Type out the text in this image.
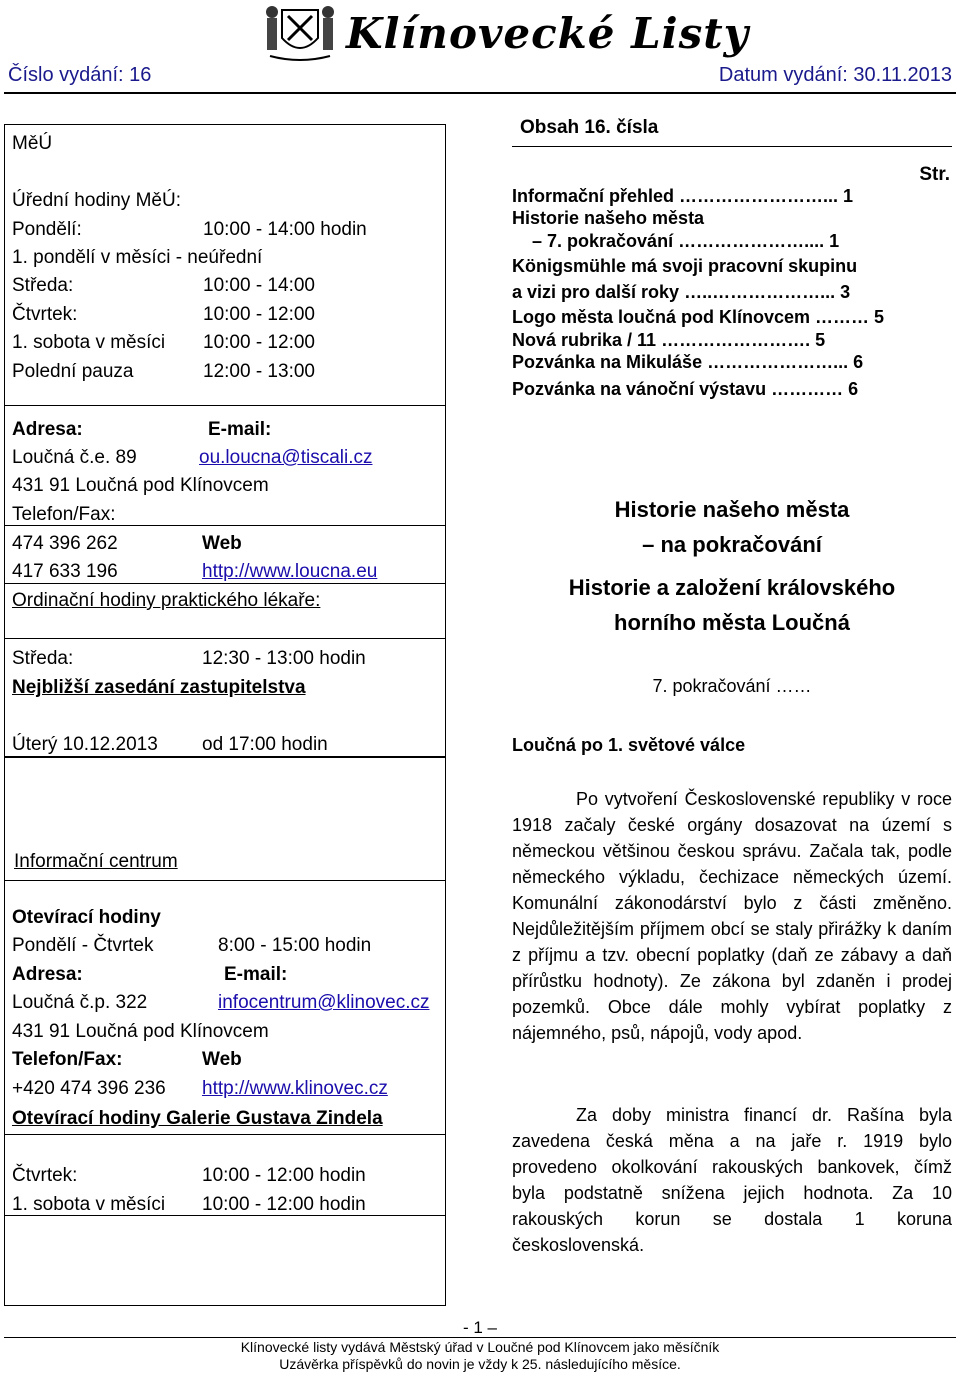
Klínovecké Listy
Číslo vydání: 16	Datum vydání: 30.11.2013
MěÚ
Úřední hodiny MěÚ:
Pondělí:	10:00 - 14:00 hodin
1. pondělí v měsíci - neúřední
Středa:	10:00 - 14:00
Čtvrtek:	10:00 - 12:00
1. sobota v měsíci 10:00 - 12:00
Polední pauza	12:00 - 13:00
Adresa:	E-mail:
Loučná č.e. 89	ou.loucna@tiscali.cz
431 91 Loučná pod Klínovcem
Telefon/Fax:
474 396 262	Web
417 633 196	http://www.loucna.eu
Ordinační hodiny praktického lékaře:
Středa:	12:30 - 13:00 hodin
Nejbližší zasedání zastupitelstva
Úterý 10.12.2013 od 17:00 hodin
Informační centrum
Otevírací hodiny
Pondělí - Čtvrtek	8:00 - 15:00 hodin
Adresa:	E-mail:
Loučná č.p. 322	infocentrum@klinovec.cz
431 91 Loučná pod Klínovcem
Telefon/Fax:	Web
+420 474 396 236 http://www.klinovec.cz
Otevírací hodiny Galerie Gustava Zindela
Čtvrtek:	10:00 - 12:00 hodin
1. sobota v měsíci 10:00 - 12:00 hodin
Obsah 16. čísla
Str.
Informační přehled ……………………... 1
Historie našeho města
– 7. pokračování ………………….... 1
Königsmühle má svoji pracovní skupinu
a vizi pro další roky …..………………... 3
Logo města loučná pod Klínovcem ……… 5
Nová rubrika / 11 ……………………. 5
Pozvánka na Mikuláše …………………... 6
Pozvánka na vánoční výstavu ………… 6
Historie našeho města
– na pokračování
Historie a založení královského
horního města Loučná
7. pokračování ……
Loučná po 1. světové válce
Po vytvoření Československé republiky v roce 1918 začaly české orgány dosazovat na území s německou většinou českou správu. Začala tak, podle německého výkladu, čechizace německých území. Komunální zákonodárství bylo z části změněno. Nejdůležitějším příjmem obcí se staly přirážky k daním z příjmu a tzv. obecní poplatky (daň ze zábavy a daň přírůstku hodnoty). Ze zákona byl zdaněn i prodej pozemků. Obce dále mohly vybírat poplatky z nájemného, psů, nápojů, vody apod.
Za doby ministra financí dr. Rašína byla zavedena česká měna a na jaře r. 1919 bylo provedeno okolkování rakouských bankovek, čímž byla podstatně snížena jejich hodnota. Za 10 rakouských korun se dostala 1 koruna československá.
- 1 –
Klínovecké listy vydává Městský úřad v Loučné pod Klínovcem jako měsíčník
Uzávěrka příspěvků do novin je vždy k 25. následujícího měsíce.
